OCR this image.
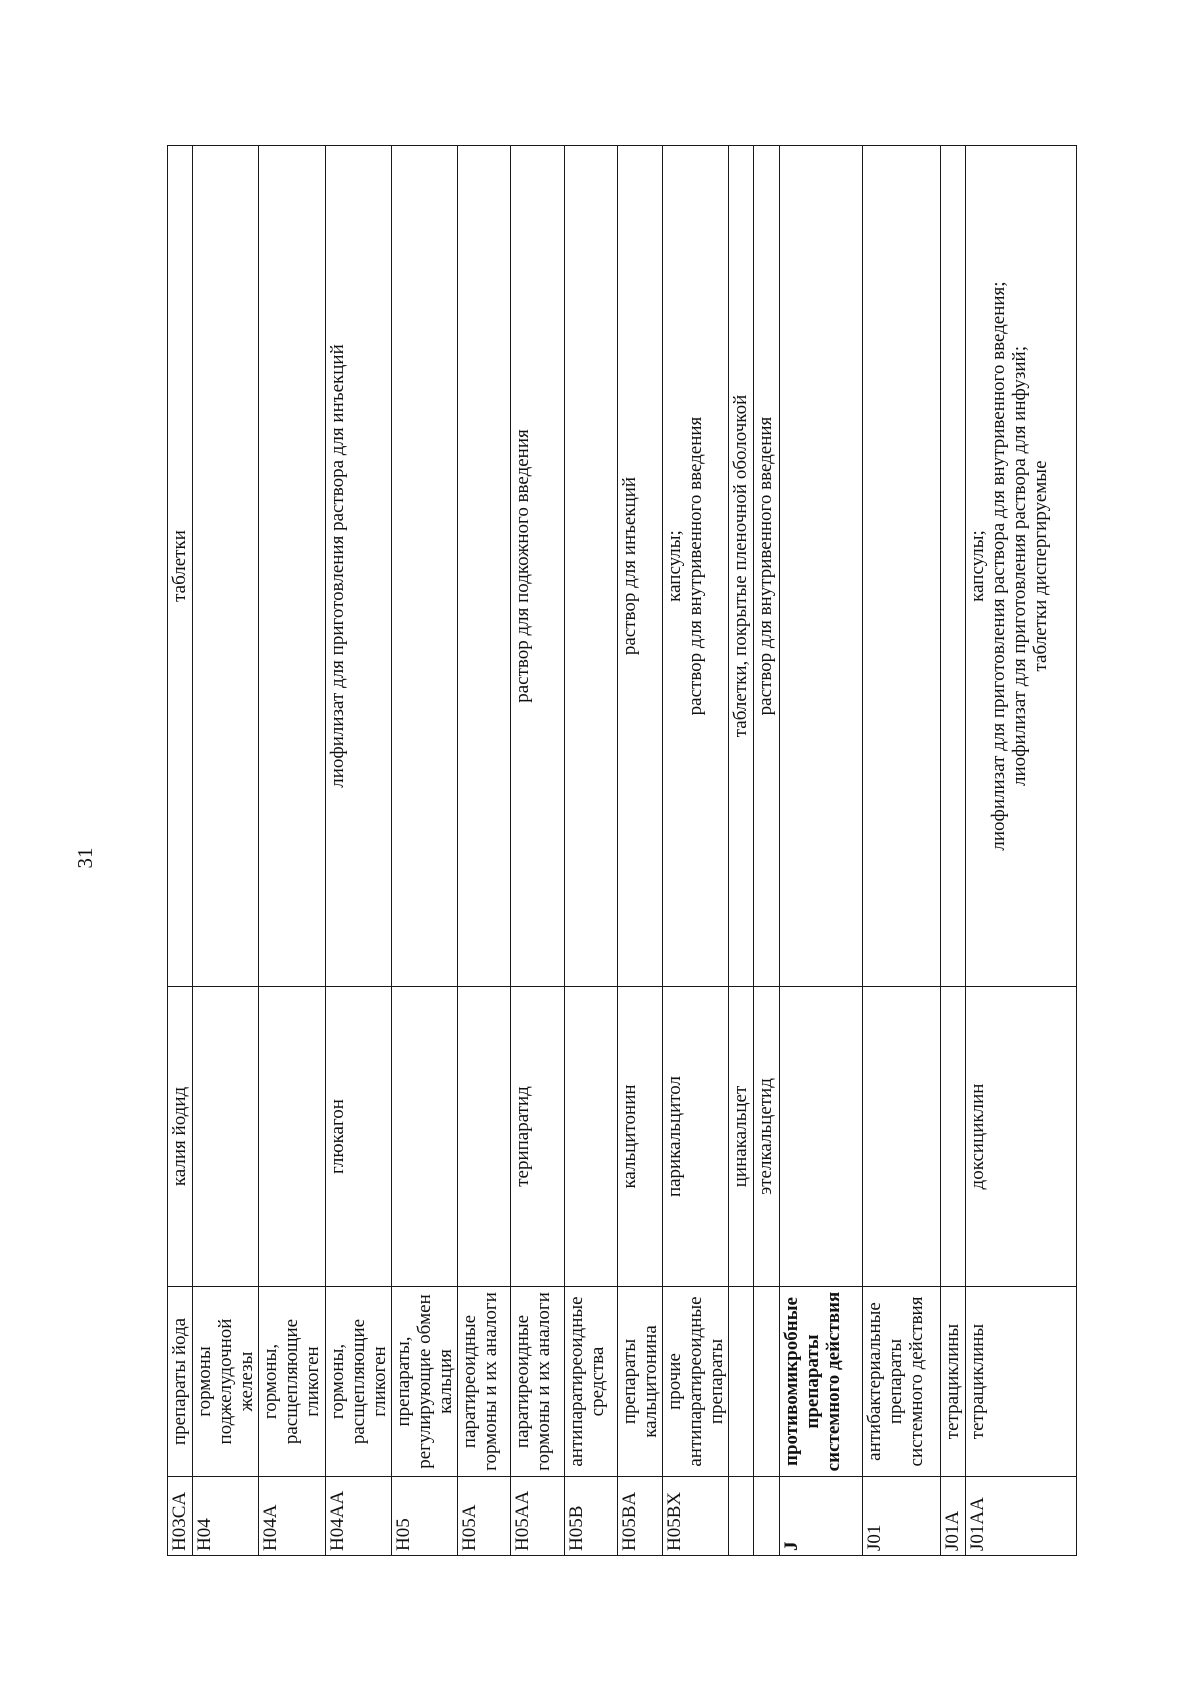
31
H03CA	препараты йода	калия йодид	таблетки

H04	гормоны поджелудочной железы		
H04A	гормоны, расщепляющие гликоген		
H04AA	гормоны, расщепляющие гликоген	глюкагон	лиофилизат для приготовления раствора для инъекций

H05	препараты, регулирующие обмен кальция		
H05A	паратиреоидные гормоны и их аналоги		
H05AA	паратиреоидные гормоны и их аналоги	терипаратид	раствор для подкожного введения

H05B	антипаратиреоидные средства		
H05BA	препараты кальцитонина	кальцитонин	раствор для инъекций

H05BX	прочие антипаратиреоидные препараты	парикальцитол	капсулы; раствор для внутривенного введения

		цинакальцет	таблетки, покрытые пленочной оболочкой

		этелкальцетид	раствор для внутривенного введения

J	противомикробные препараты системного действия		
J01	антибактериальные препараты системного действия		
J01A	тетрациклины		
J01AA	тетрациклины	доксициклин	капсулы; лиофилизат для приготовления раствора для внутривенного введения; лиофилизат для приготовления раствора для инфузий; таблетки диспергируемые
